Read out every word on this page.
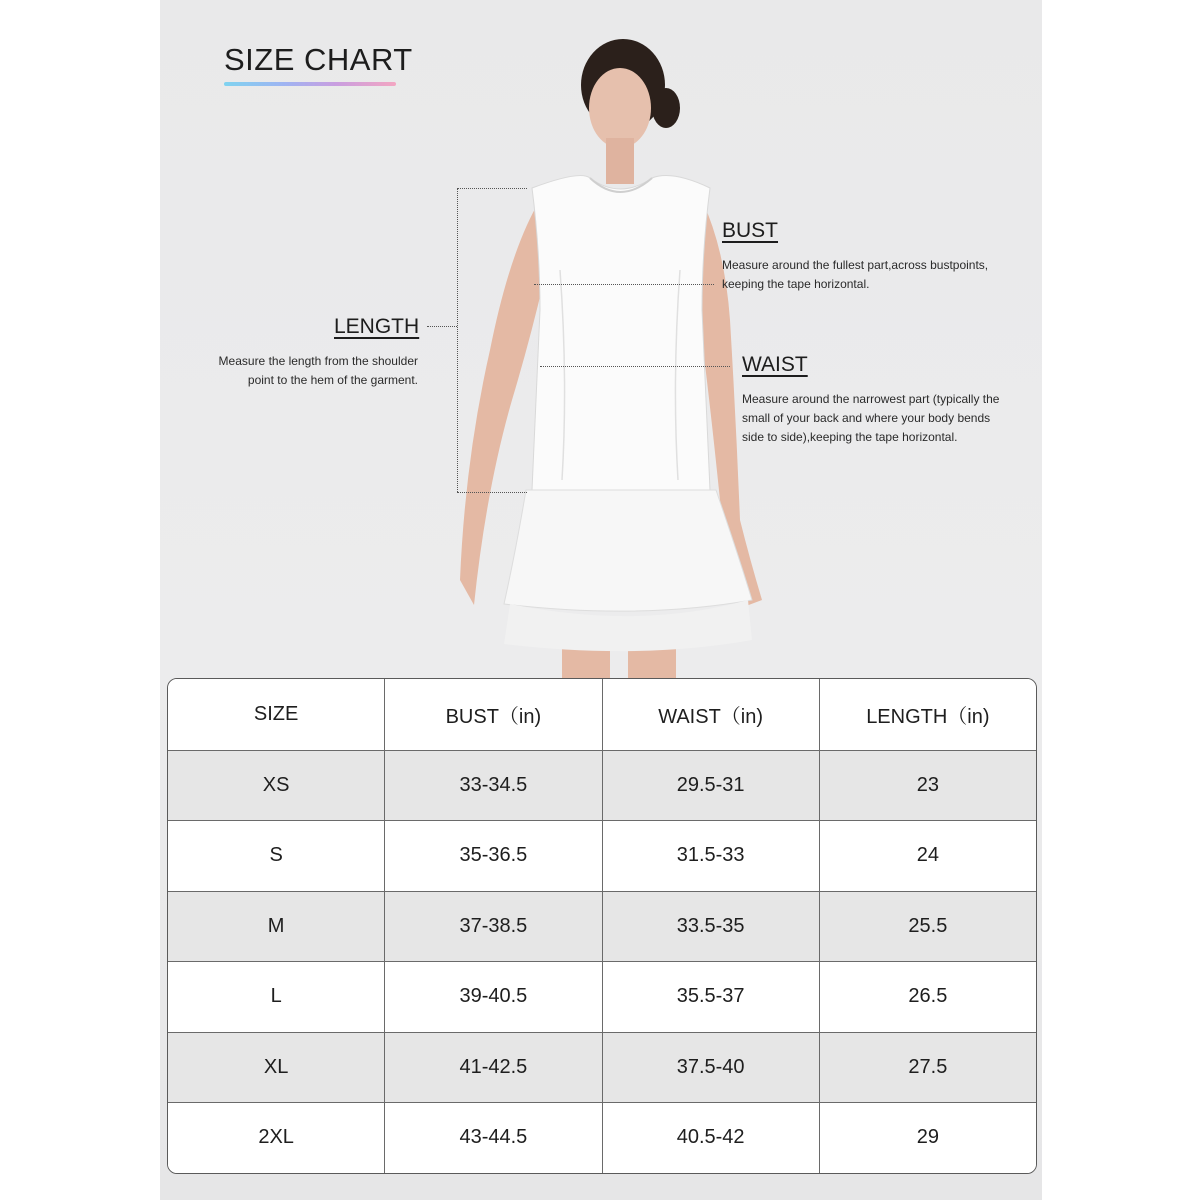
SIZE CHART
BUST
Measure around the fullest part,across bustpoints,
keeping the tape horizontal.
LENGTH
Measure the length from the shoulder
point to the hem of the garment.
WAIST
Measure around the narrowest part (typically the
small of your back and where your body bends
side to side),keeping the tape horizontal.
SIZE	BUST（in)	WAIST（in)	LENGTH（in)
XS	33-34.5	29.5-31	23
S	35-36.5	31.5-33	24
M	37-38.5	33.5-35	25.5
L	39-40.5	35.5-37	26.5
XL	41-42.5	37.5-40	27.5
2XL	43-44.5	40.5-42	29
